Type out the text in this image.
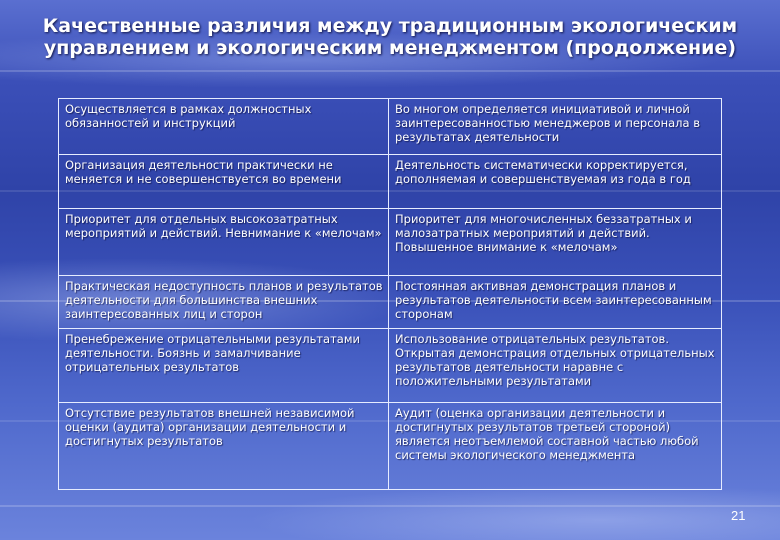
Качественные различия между традиционным экологическим управлением и экологическим менеджментом (продолжение)
Осуществляется в рамках должностных обязанностей и инструкций
Во многом определяется инициативой и личной заинтересованностью менеджеров и персонала в результатах деятельности
Организация деятельности практически не меняется и не совершенствуется во времени
Деятельность систематически корректируется, дополняемая и совершенствуемая из года в год
Приоритет для отдельных высокозатратных мероприятий и действий. Невнимание к «мелочам»
Приоритет для многочисленных беззатратных и малозатратных мероприятий и действий. Повышенное внимание к «мелочам»
Практическая недоступность планов и результатов деятельности для большинства внешних заинтересованных лиц и сторон
Постоянная активная демонстрация планов и результатов деятельности всем заинтересованным сторонам
Пренебрежение отрицательными результатами деятельности. Боязнь и замалчивание отрицательных результатов
Использование отрицательных результатов. Открытая демонстрация отдельных отрицательных результатов деятельности наравне с положительными результатами
Отсутствие результатов внешней независимой оценки (аудита) организации деятельности и достигнутых результатов
Аудит (оценка организации деятельности и достигнутых результатов третьей стороной) является неотъемлемой составной частью любой системы экологического менеджмента
21
